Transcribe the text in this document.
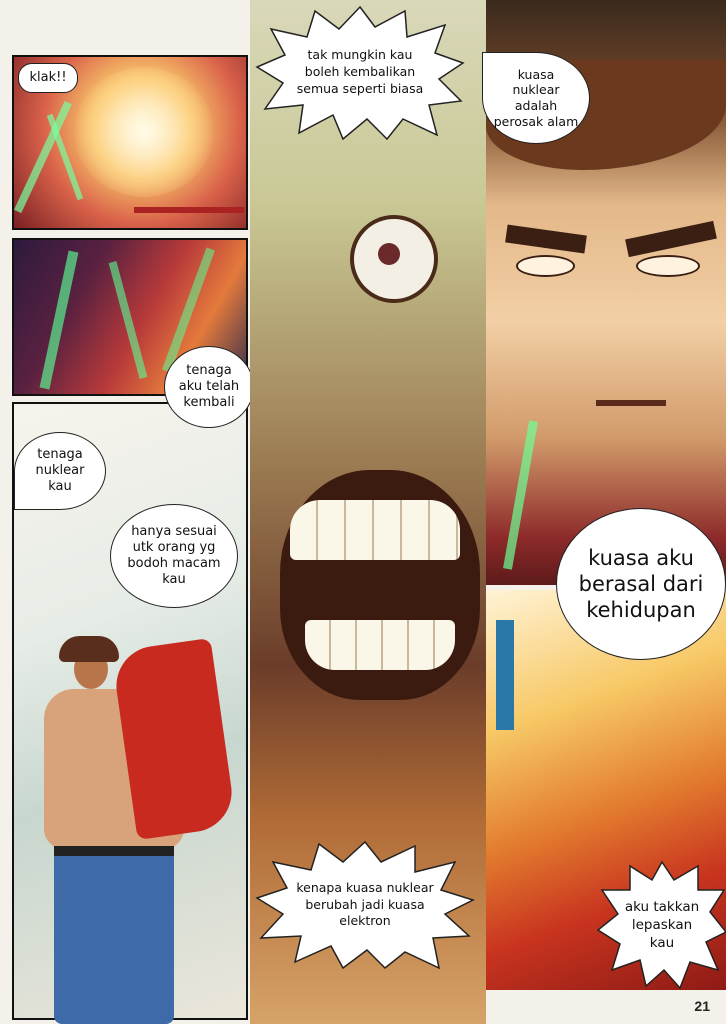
klak!!
tenaga aku telah kembali
tenaga nuklear kau
hanya sesuai utk orang yg bodoh macam kau
tak mungkin kau boleh kembalikan semua seperti biasa
kenapa kuasa nuklear berubah jadi kuasa elektron
kuasa nuklear adalah perosak alam
kuasa aku berasal dari kehidupan
aku takkan lepaskan kau
21
